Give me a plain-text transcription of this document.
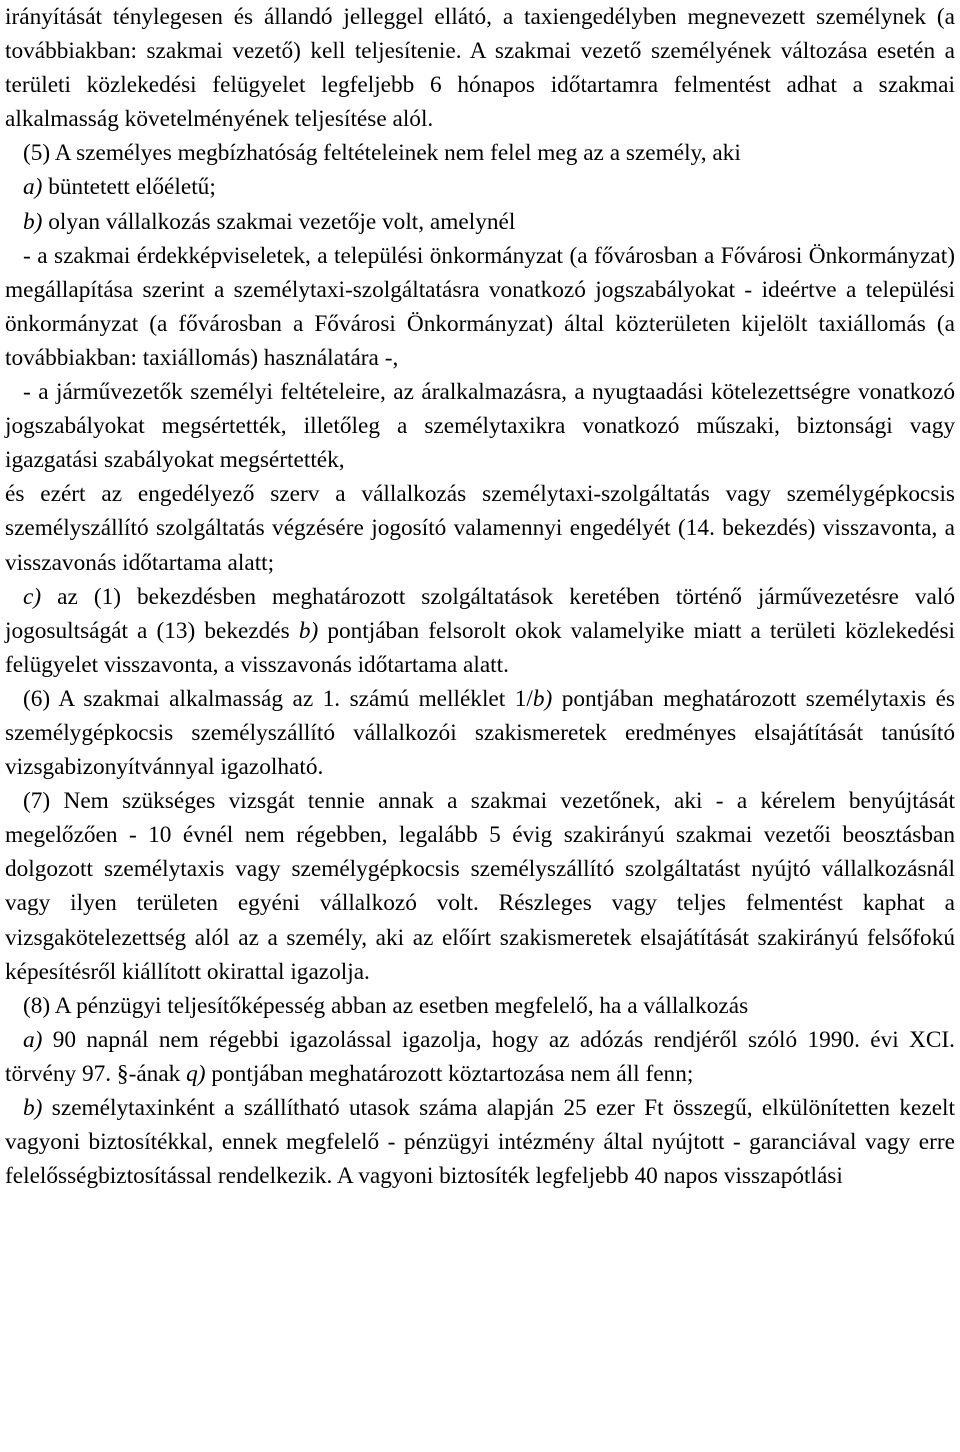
irányítását ténylegesen és állandó jelleggel ellátó, a taxiengedélyben megnevezett személynek (a továbbiakban: szakmai vezető) kell teljesítenie. A szakmai vezető személyének változása esetén a területi közlekedési felügyelet legfeljebb 6 hónapos időtartamra felmentést adhat a szakmai alkalmasság követelményének teljesítése alól.

(5) A személyes megbízhatóság feltételeinek nem felel meg az a személy, aki

a) büntetett előéletű;

b) olyan vállalkozás szakmai vezetője volt, amelynél

- a szakmai érdekképviseletek, a települési önkormányzat (a fővárosban a Fővárosi Önkormányzat) megállapítása szerint a személytaxi-szolgáltatásra vonatkozó jogszabályokat - ideértve a települési önkormányzat (a fővárosban a Fővárosi Önkormányzat) által közterületen kijelölt taxiállomás (a továbbiakban: taxiállomás) használatára -,

- a járművezetők személyi feltételeire, az áralkalmazásra, a nyugtaadási kötelezettségre vonatkozó jogszabályokat megsértették, illetőleg a személytaxikra vonatkozó műszaki, biztonsági vagy igazgatási szabályokat megsértették,

és ezért az engedélyező szerv a vállalkozás személytaxi-szolgáltatás vagy személygépkocsis személyszállító szolgáltatás végzésére jogosító valamennyi engedélyét (14. bekezdés) visszavonta, a visszavonás időtartama alatt;

c) az (1) bekezdésben meghatározott szolgáltatások keretében történő járművezetésre való jogosultságát a (13) bekezdés b) pontjában felsorolt okok valamelyike miatt a területi közlekedési felügyelet visszavonta, a visszavonás időtartama alatt.

(6) A szakmai alkalmasság az 1. számú melléklet 1/b) pontjában meghatározott személytaxis és személygépkocsis személyszállító vállalkozói szakismeretek eredményes elsajátítását tanúsító vizsgabizonyítvánnyal igazolható.

(7) Nem szükséges vizsgát tennie annak a szakmai vezetőnek, aki - a kérelem benyújtását megelőzően - 10 évnél nem régebben, legalább 5 évig szakirányú szakmai vezetői beosztásban dolgozott személytaxis vagy személygépkocsis személyszállító szolgáltatást nyújtó vállalkozásnál vagy ilyen területen egyéni vállalkozó volt. Részleges vagy teljes felmentést kaphat a vizsgakötelezettség alól az a személy, aki az előírt szakismeretek elsajátítását szakirányú felsőfokú képesítésről kiállított okirattal igazolja.

(8) A pénzügyi teljesítőképesség abban az esetben megfelelő, ha a vállalkozás

a) 90 napnál nem régebbi igazolással igazolja, hogy az adózás rendjéről szóló 1990. évi XCI. törvény 97. §-ának q) pontjában meghatározott köztartozása nem áll fenn;

b) személytaxinként a szállítható utasok száma alapján 25 ezer Ft összegű, elkülönítetten kezelt vagyoni biztosítékkal, ennek megfelelő - pénzügyi intézmény által nyújtott - garanciával vagy erre felelősségbiztosítással rendelkezik. A vagyoni biztosíték legfeljebb 40 napos visszapótlási
